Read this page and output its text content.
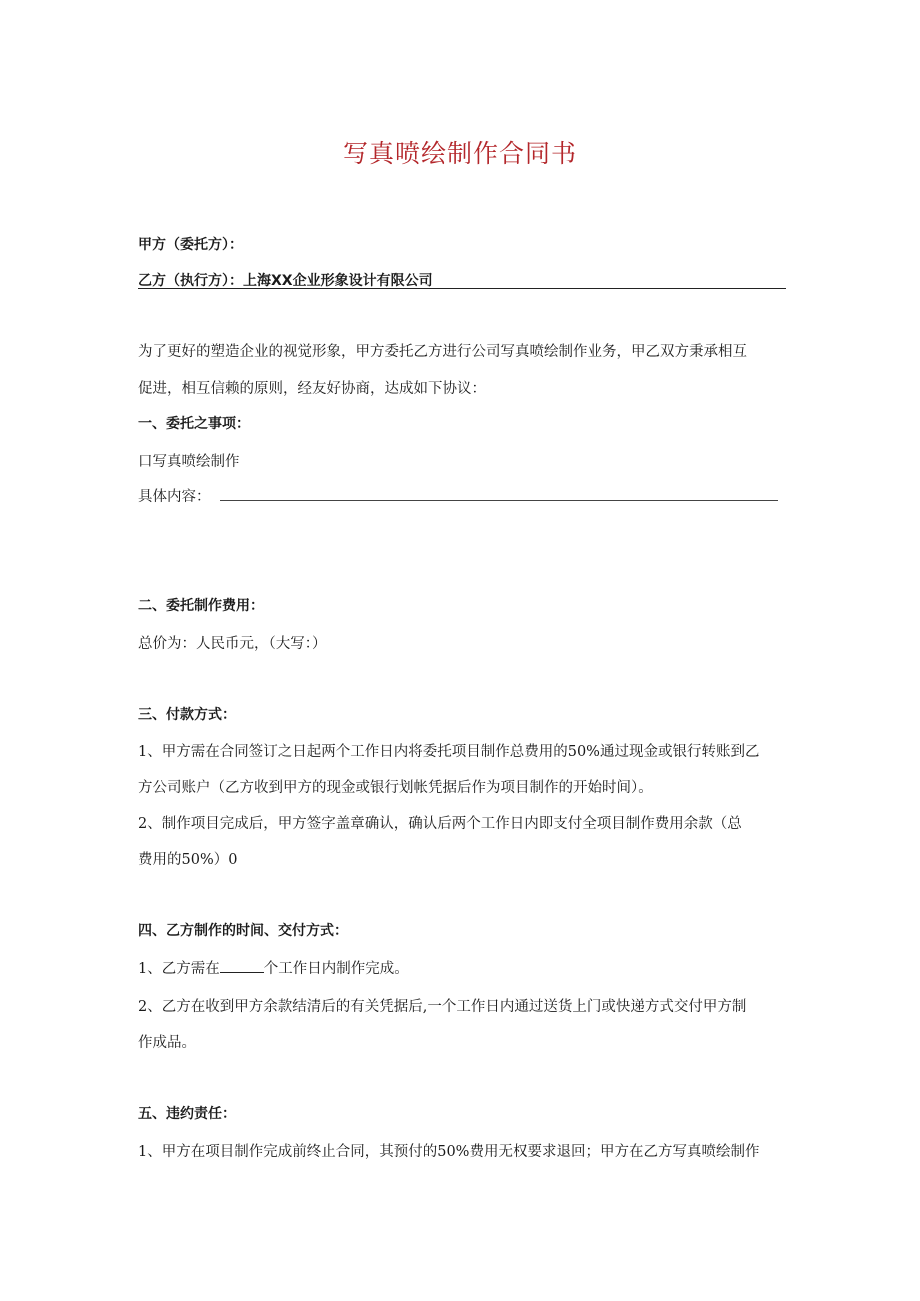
写真喷绘制作合同书
甲方（委托方）：
乙方（执行方）：上海XX企业形象设计有限公司
为了更好的塑造企业的视觉形象，甲方委托乙方进行公司写真喷绘制作业务，甲乙双方秉承相互
促进，相互信赖的原则，经友好协商，达成如下协议：
一、委托之事项：
口写真喷绘制作
具体内容：
二、委托制作费用：
总价为：人民币元，（大写：）
三、付款方式：
1、甲方需在合同签订之日起两个工作日内将委托项目制作总费用的50%通过现金或银行转账到乙
方公司账户（乙方收到甲方的现金或银行划帐凭据后作为项目制作的开始时间）。
2、制作项目完成后，甲方签字盖章确认，确认后两个工作日内即支付全项目制作费用余款（总
费用的50%）0
四、乙方制作的时间、交付方式：
1、乙方需在	个工作日内制作完成。
2、乙方在收到甲方余款结清后的有关凭据后,一个工作日内通过送货上门或快递方式交付甲方制
作成品。
五、违约责任：
1、甲方在项目制作完成前终止合同，其预付的50%费用无权要求退回；甲方在乙方写真喷绘制作
